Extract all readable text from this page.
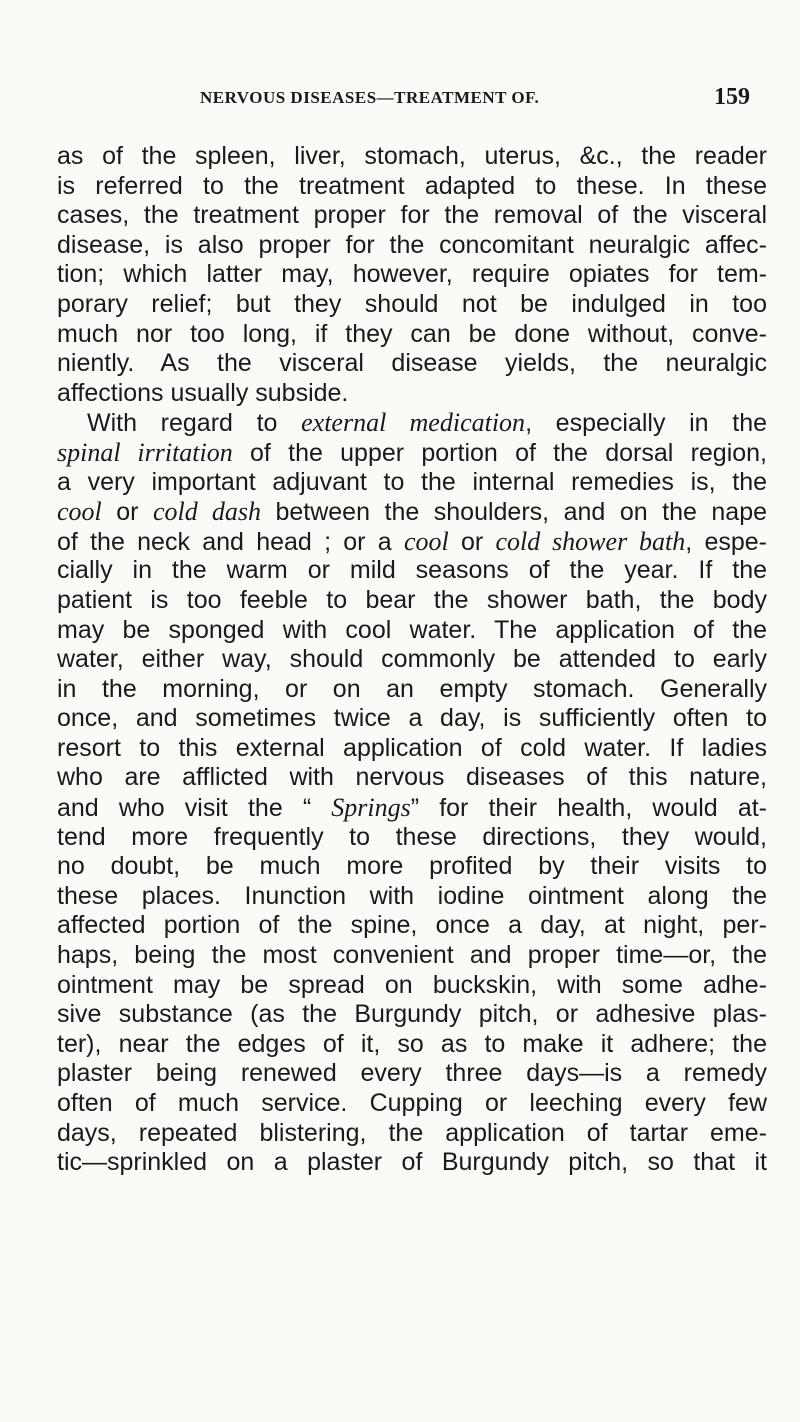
NERVOUS DISEASES—TREATMENT OF.	159
as of the spleen, liver, stomach, uterus, &c., the reader
is referred to the treatment adapted to these. In these
cases, the treatment proper for the removal of the visceral
disease, is also proper for the concomitant neuralgic affec-
tion; which latter may, however, require opiates for tem-
porary relief; but they should not be indulged in too
much nor too long, if they can be done without, conve-
niently. As the visceral disease yields, the neuralgic
affections usually subside.
With regard to external medication, especially in the
spinal irritation of the upper portion of the dorsal region,
a very important adjuvant to the internal remedies is, the
cool or cold dash between the shoulders, and on the nape
of the neck and head ; or a cool or cold shower bath, espe-
cially in the warm or mild seasons of the year. If the
patient is too feeble to bear the shower bath, the body
may be sponged with cool water. The application of the
water, either way, should commonly be attended to early
in the morning, or on an empty stomach. Generally
once, and sometimes twice a day, is sufficiently often to
resort to this external application of cold water. If ladies
who are afflicted with nervous diseases of this nature,
and who visit the “ Springs” for their health, would at-
tend more frequently to these directions, they would,
no doubt, be much more profited by their visits to
these places. Inunction with iodine ointment along the
affected portion of the spine, once a day, at night, per-
haps, being the most convenient and proper time—or, the
ointment may be spread on buckskin, with some adhe-
sive substance (as the Burgundy pitch, or adhesive plas-
ter), near the edges of it, so as to make it adhere; the
plaster being renewed every three days—is a remedy
often of much service. Cupping or leeching every few
days, repeated blistering, the application of tartar eme-
tic—sprinkled on a plaster of Burgundy pitch, so that it
